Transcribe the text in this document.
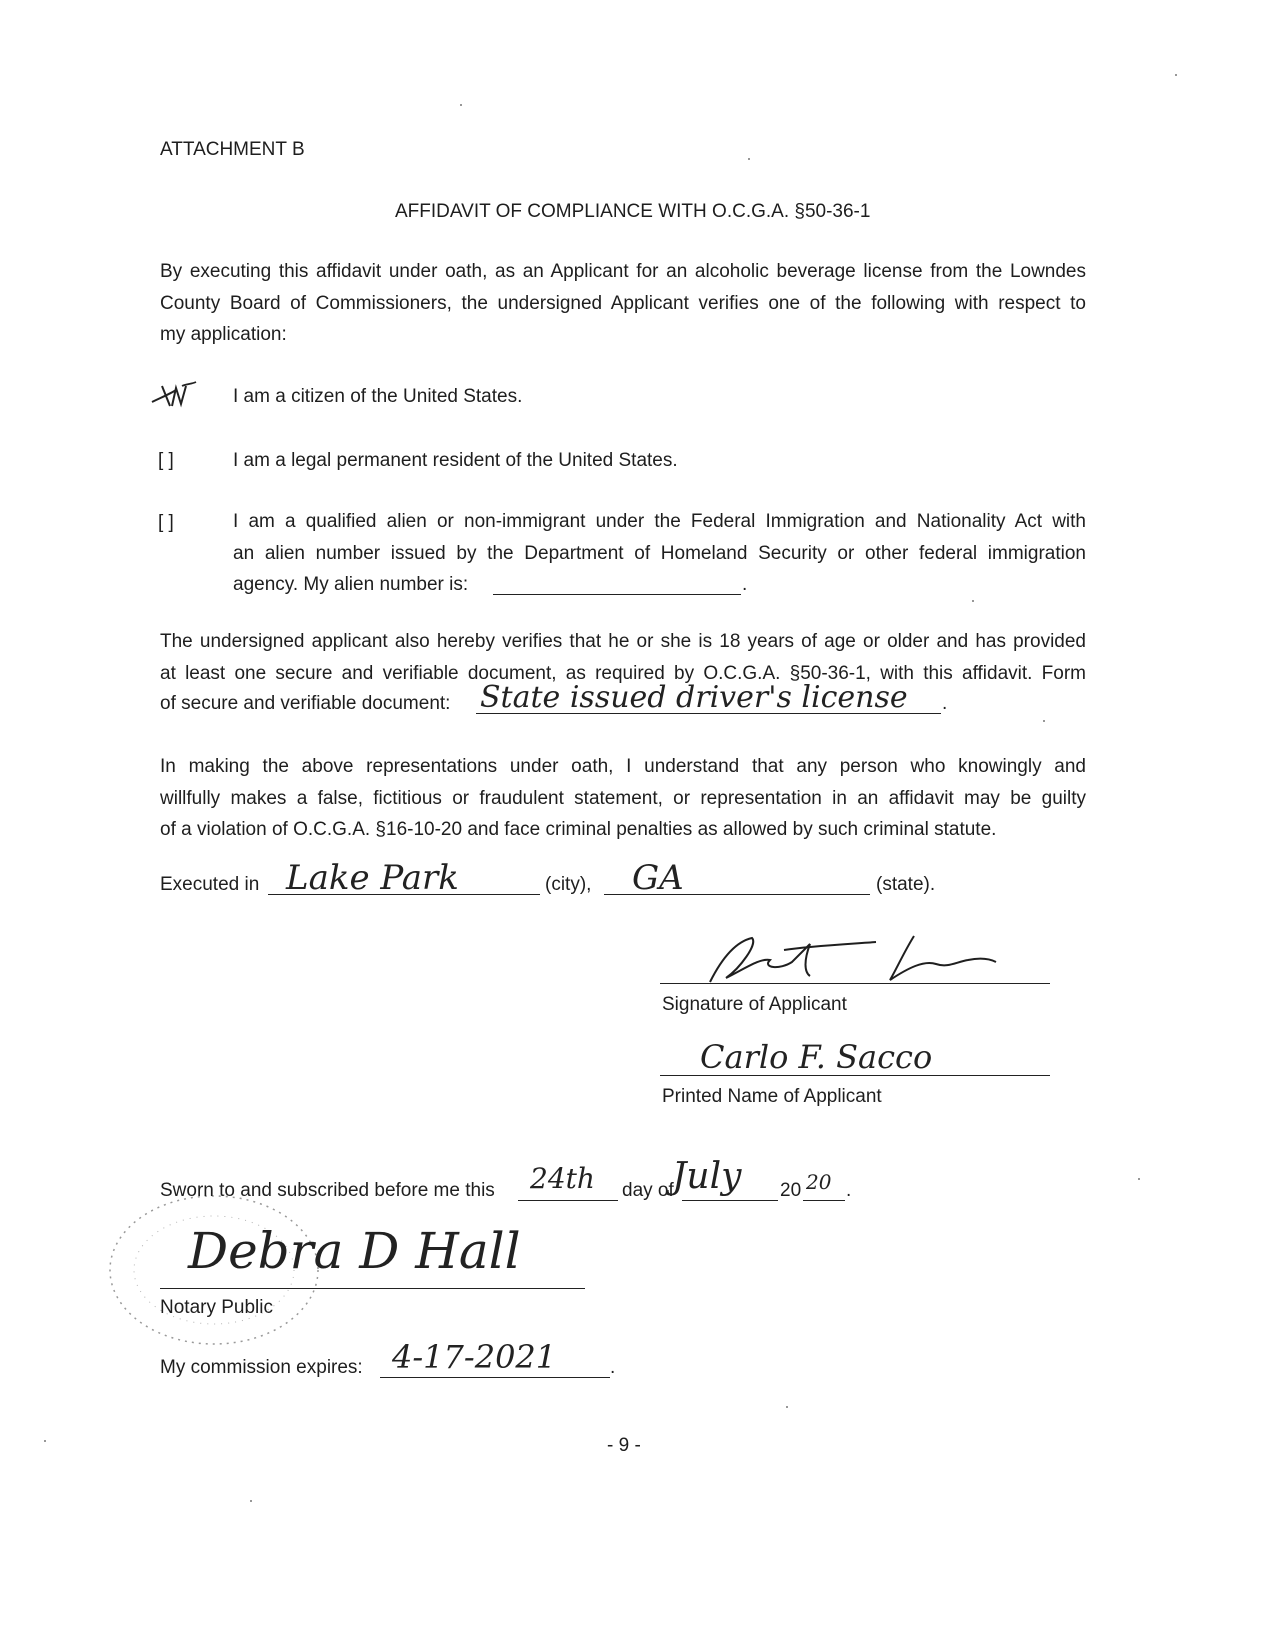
ATTACHMENT B
AFFIDAVIT OF COMPLIANCE WITH O.C.G.A. §50-36-1
By executing this affidavit under oath, as an Applicant for an alcoholic beverage license from the Lowndes
County Board of Commissioners, the undersigned Applicant verifies one of the following with respect to
my application:
I am a citizen of the United States.
[ ]	I am a legal permanent resident of the United States.
[ ]	I am a qualified alien or non-immigrant under the Federal Immigration and Nationality Act with
an alien number issued by the Department of Homeland Security or other federal immigration
agency. My alien number is:	.
The undersigned applicant also hereby verifies that he or she is 18 years of age or older and has provided
at least one secure and verifiable document, as required by O.C.G.A. §50-36-1, with this affidavit. Form
of secure and verifiable document: State issued driver's license .
In making the above representations under oath, I understand that any person who knowingly and
willfully makes a false, fictitious or fraudulent statement, or representation in an affidavit may be guilty
of a violation of O.C.G.A. §16-10-20 and face criminal penalties as allowed by such criminal statute.
Executed in Lake Park	(city), GA	(state).
Signature of Applicant
Carlo F. Sacco
Printed Name of Applicant
Sworn to and subscribed before me this 24th day of
July 20 20 .
Debra D Hall
Notary Public
My commission expires: 4-17-2021	.
- 9 -
